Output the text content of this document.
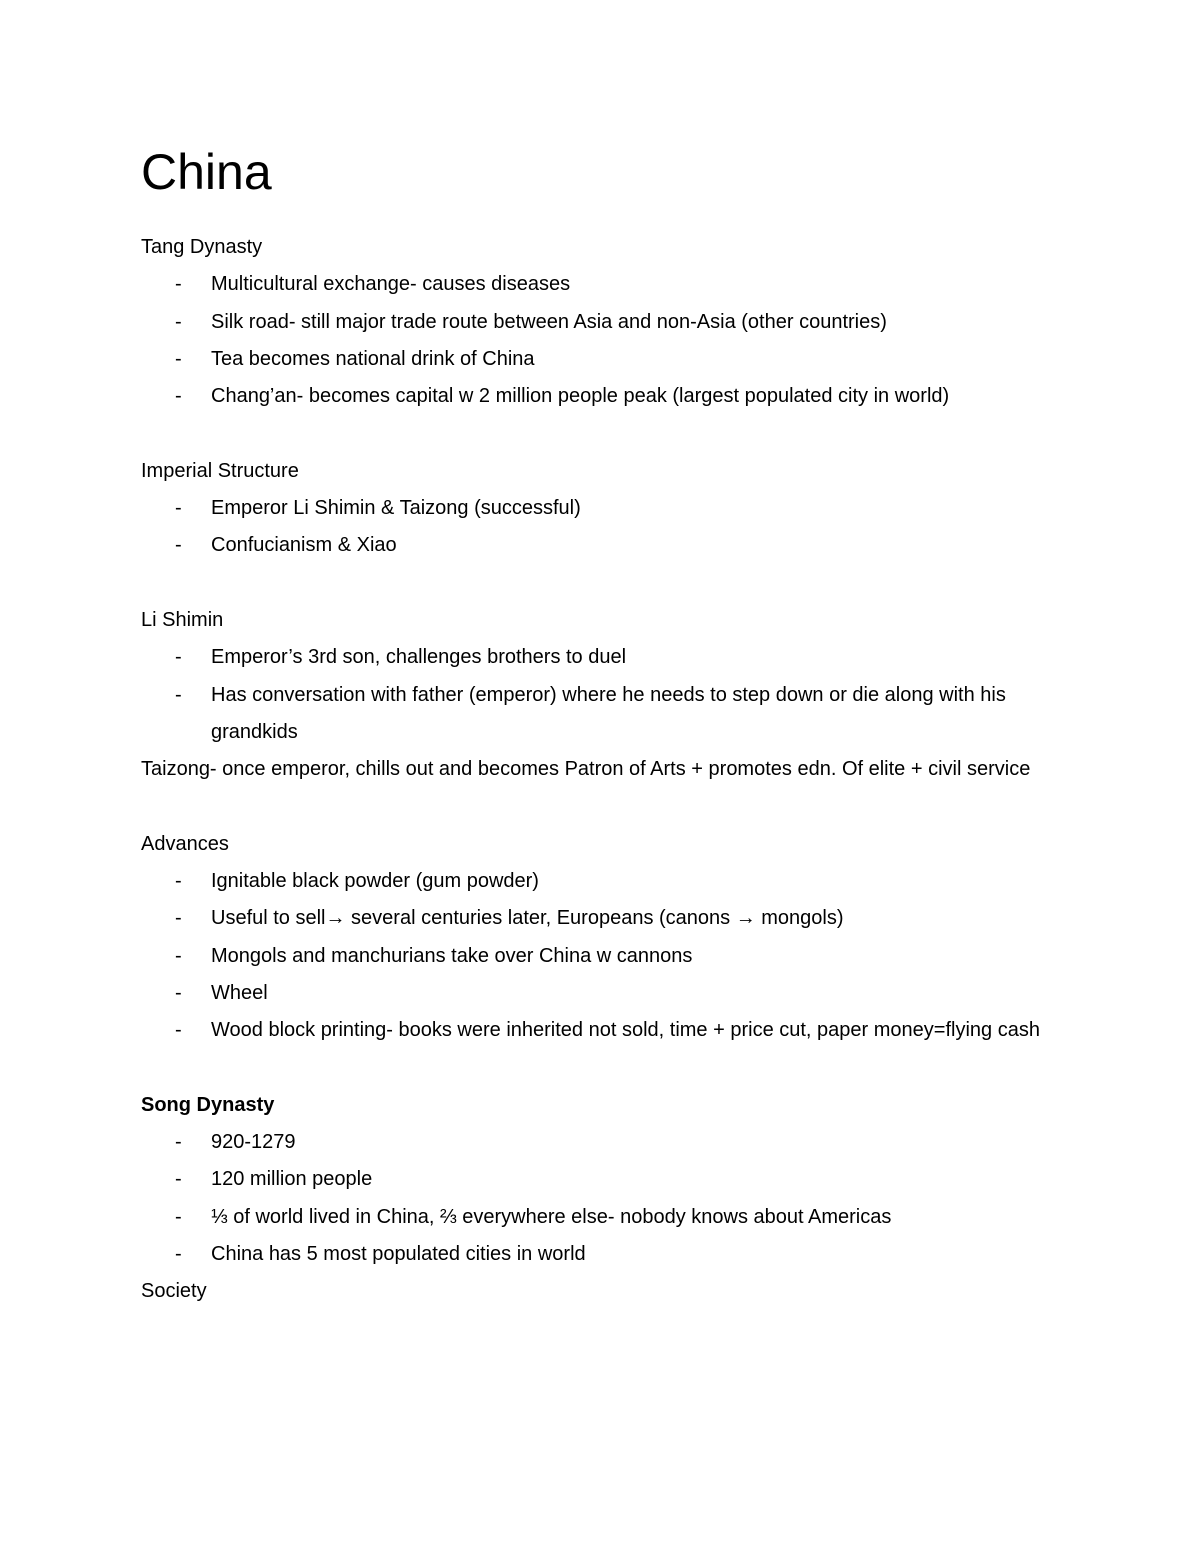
China

Tang Dynasty

- Multicultural exchange- causes diseases
- Silk road- still major trade route between Asia and non-Asia (other countries)
- Tea becomes national drink of China
- Chang’an- becomes capital w 2 million people peak (largest populated city in world)

Imperial Structure

- Emperor Li Shimin & Taizong (successful)
- Confucianism & Xiao

Li Shimin

- Emperor’s 3rd son, challenges brothers to duel
- Has conversation with father (emperor) where he needs to step down or die along with his grandkids

Taizong- once emperor, chills out and becomes Patron of Arts + promotes edn. Of elite + civil service

Advances

- Ignitable black powder (gum powder)
- Useful to sell→ several centuries later, Europeans (canons → mongols)
- Mongols and manchurians take over China w cannons
- Wheel
- Wood block printing- books were inherited not sold, time + price cut, paper money=flying cash

Song Dynasty

- 920-1279
- 120 million people
- ⅓ of world lived in China, ⅔ everywhere else- nobody knows about Americas
- China has 5 most populated cities in world

Society
